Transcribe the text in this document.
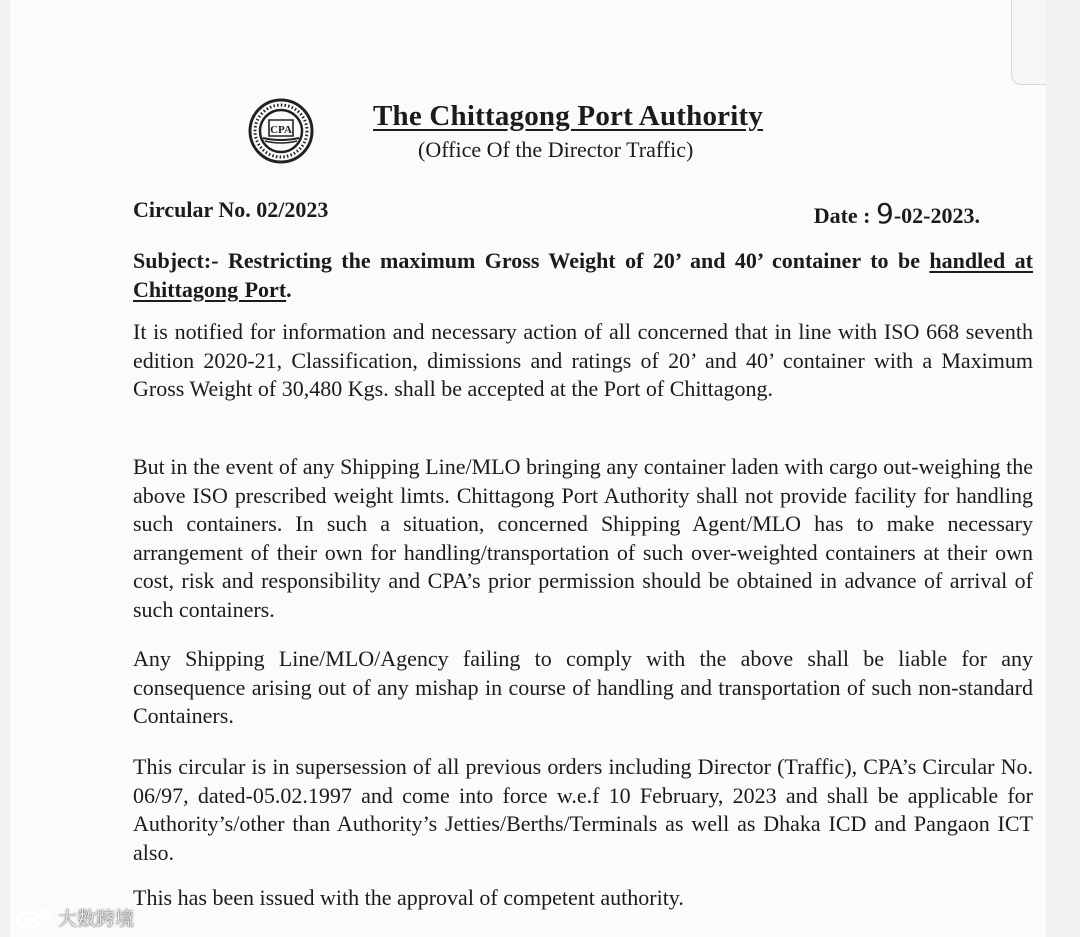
CPA	The Chittagong Port Authority
(Office Of the Director Traffic)
Circular No. 02/2023	Date : 9-02-2023.
Subject:- Restricting the maximum Gross Weight of 20’ and 40’ container to be handled at Chittagong Port.
It is notified for information and necessary action of all concerned that in line with ISO 668 seventh edition 2020-21, Classification, dimissions and ratings of 20’ and 40’ container with a Maximum Gross Weight of 30,480 Kgs. shall be accepted at the Port of Chittagong.
But in the event of any Shipping Line/MLO bringing any container laden with cargo out-weighing the above ISO prescribed weight limts. Chittagong Port Authority shall not provide facility for handling such containers. In such a situation, concerned Shipping Agent/MLO has to make necessary arrangement of their own for handling/transportation of such over-weighted containers at their own cost, risk and responsibility and CPA’s prior permission should be obtained in advance of arrival of such containers.
Any Shipping Line/MLO/Agency failing to comply with the above shall be liable for any consequence arising out of any mishap in course of handling and transportation of such non-standard Containers.
This circular is in supersession of all previous orders including Director (Traffic), CPA’s Circular No. 06/97, dated-05.02.1997 and come into force w.e.f 10 February, 2023 and shall be applicable for Authority’s/other than Authority’s Jetties/Berths/Terminals as well as Dhaka ICD and Pangaon ICT also.
This has been issued with the approval of competent authority.
大数跨境
